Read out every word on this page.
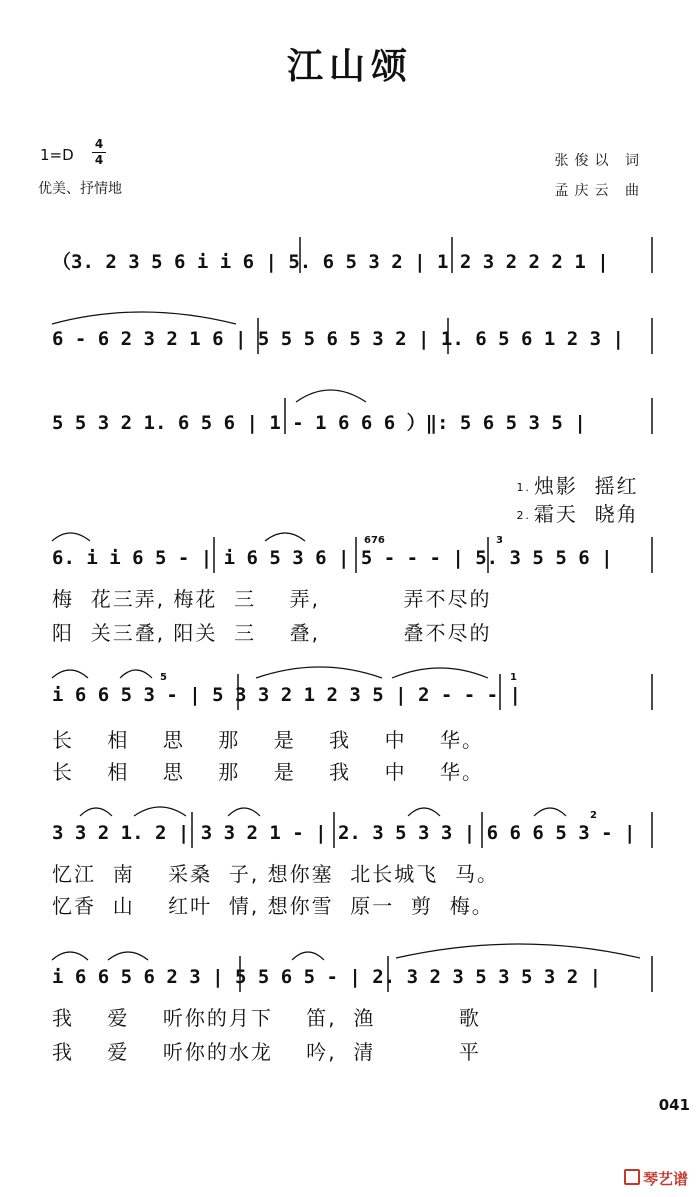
江山颂
1=D
4
4
优美、抒情地
张俊以 词
孟庆云 曲
（3. 2 3 5 6 i i 6 | 5. 6 5 3 2 | 1 2 3 2 2 2 1 |
6 - 6 2 3 2 1 6 | 5 5 5 6 5 3 2 | 1. 6 5 6 1 2 3 |
5 5 3 2 1. 6 5 6 | 1 - 1 6 6 6 ）‖: 5 6 5 3 5 |

1. 烛影  摇红

2. 霜天  晓角

676	3
6. i i 6 5 - | i 6 5 3 6 | 5 - - - | 5. 3 5 5 6 |
梅  花三弄, 梅花  三    弄,          弄不尽的
阳  关三叠, 阳关  三    叠,          叠不尽的
5	1
i 6 6 5 3 - | 5 3 3 2 1 2 3 5 | 2 - - - |
长    相    思    那    是    我    中    华。
长    相    思    那    是    我    中    华。
2
3 3 2 1. 2 | 3 3 2 1 - | 2. 3 5 3 3 | 6 6 6 5 3 - |
忆江  南    采桑  子, 想你塞  北长城飞  马。
忆香  山    红叶  情, 想你雪  原一  剪  梅。
i 6 6 5 6 2 3 | 5 5 6 5 - | 2. 3 2 3 5 3 5 3 2 |
我    爱    听你的月下    笛,  渔          歌
我    爱    听你的水龙    吟,  清          平
041
琴艺谱
